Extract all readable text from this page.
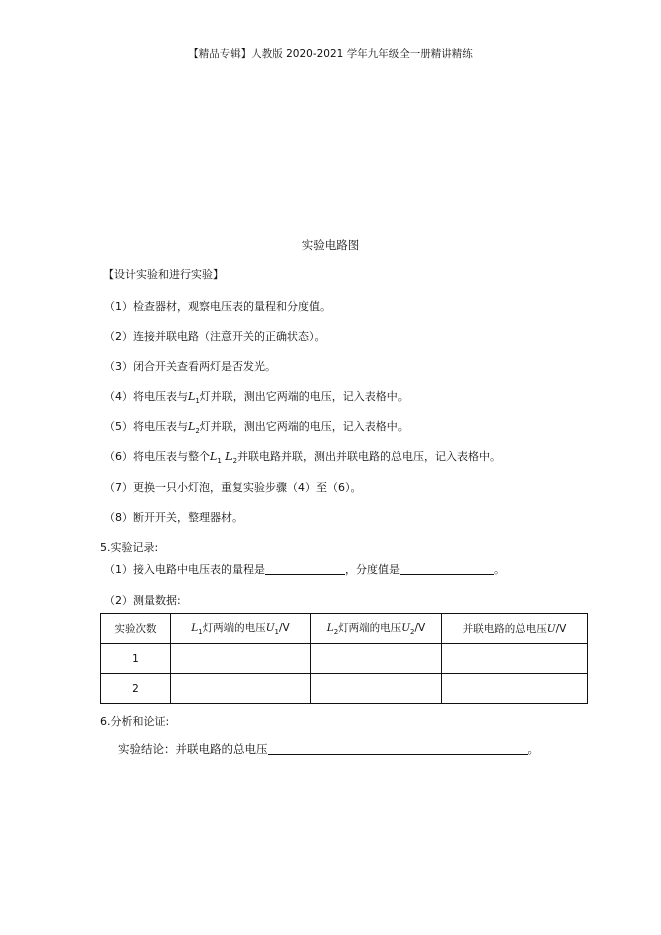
【精品专辑】人教版 2020-2021 学年九年级全一册精讲精练
实验电路图
【设计实验和进行实验】
（1）检查器材，观察电压表的量程和分度值。
（2）连接并联电路（注意开关的正确状态）。
（3）闭合开关查看两灯是否发光。
（4）将电压表与$L_1$灯并联，测出它两端的电压，记入表格中。
（5）将电压表与$L_2$灯并联，测出它两端的电压，记入表格中。
（6）将电压表与整个$L_1$ $L_2$并联电路并联，测出并联电路的总电压，记入表格中。
（7）更换一只小灯泡，重复实验步骤（4）至（6）。
（8）断开开关，整理器材。
5.实验记录:
（1）接入电路中电压表的量程是	，分度值是	。
（2）测量数据:
实验次数	$L_1$灯两端的电压$U_1/V$	$L_2$灯两端的电压$U_2/V$	并联电路的总电压U/V
1			
2			
6.分析和论证:
实验结论：并联电路的总电压	。
